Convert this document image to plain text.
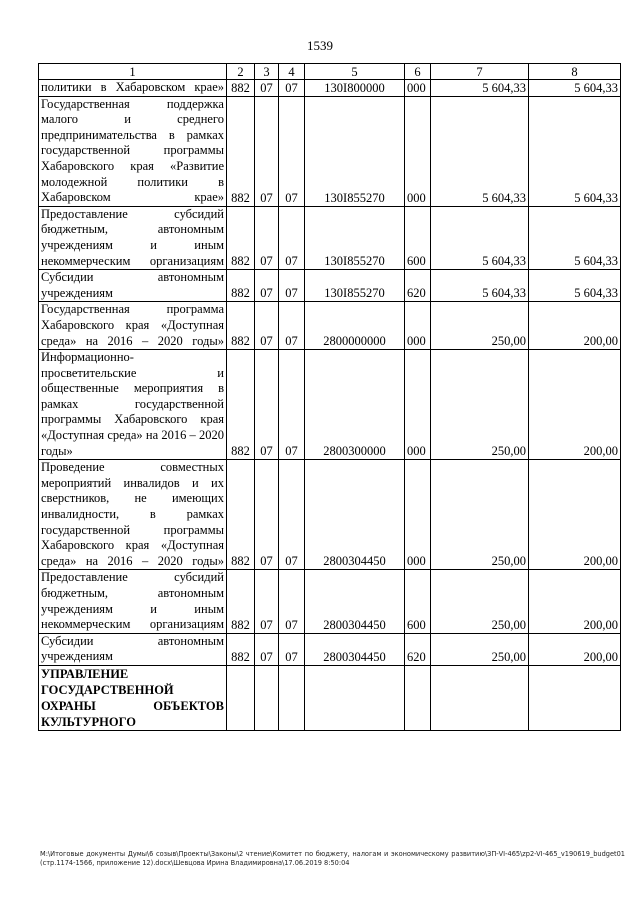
1539
1	2	3	4	5	6	7	8
политики в Хабаровском крае»	882	07	07	130I800000	000	5 604,33	5 604,33
Государственная поддержка малого и среднего предпринимательства в рамках государственной программы Хабаровского края «Развитие молодежной политики в Хабаровском крае»	882	07	07	130I855270	000	5 604,33	5 604,33
Предоставление субсидий бюджетным, автономным учреждениям и иным некоммерческим организациям	882	07	07	130I855270	600	5 604,33	5 604,33
Субсидии автономным учреждениям	882	07	07	130I855270	620	5 604,33	5 604,33
Государственная программа Хабаровского края «Доступная среда» на 2016 – 2020 годы»	882	07	07	2800000000	000	250,00	200,00
Информационно-просветительские и общественные мероприятия в рамках государственной программы Хабаровского края «Доступная среда» на 2016 – 2020 годы»	882	07	07	2800300000	000	250,00	200,00
Проведение совместных мероприятий инвалидов и их сверстников, не имеющих инвалидности, в рамках государственной программы Хабаровского края «Доступная среда» на 2016 – 2020 годы»	882	07	07	2800304450	000	250,00	200,00
Предоставление субсидий бюджетным, автономным учреждениям и иным некоммерческим организациям	882	07	07	2800304450	600	250,00	200,00
Субсидии автономным учреждениям	882	07	07	2800304450	620	250,00	200,00
УПРАВЛЕНИЕ ГОСУДАРСТВЕННОЙ ОХРАНЫ ОБЪЕКТОВ КУЛЬТУРНОГО							
M:\Итоговые документы Думы\6 созыв\Проекты\Законы\2 чтение\Комитет по бюджету, налогам и экономическому развитию\ЗП-VI-465\zp2-VI-465_v190619_budget01 (стр.1174-1566, приложение 12).docx\Шевцова Ирина Владимировна\17.06.2019 8:50:04
